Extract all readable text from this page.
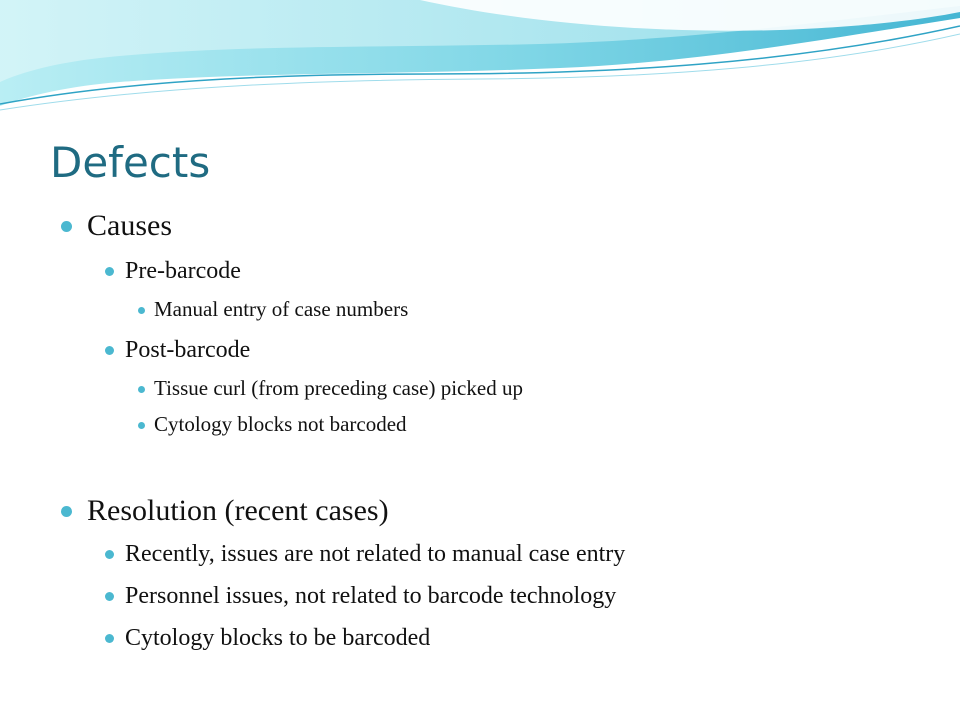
Defects
Causes
Pre-barcode
Manual entry of case numbers
Post-barcode
Tissue curl (from preceding case) picked up
Cytology blocks not barcoded
Resolution (recent cases)
Recently, issues are not related to manual case entry
Personnel issues, not related to barcode technology
Cytology blocks to be barcoded
